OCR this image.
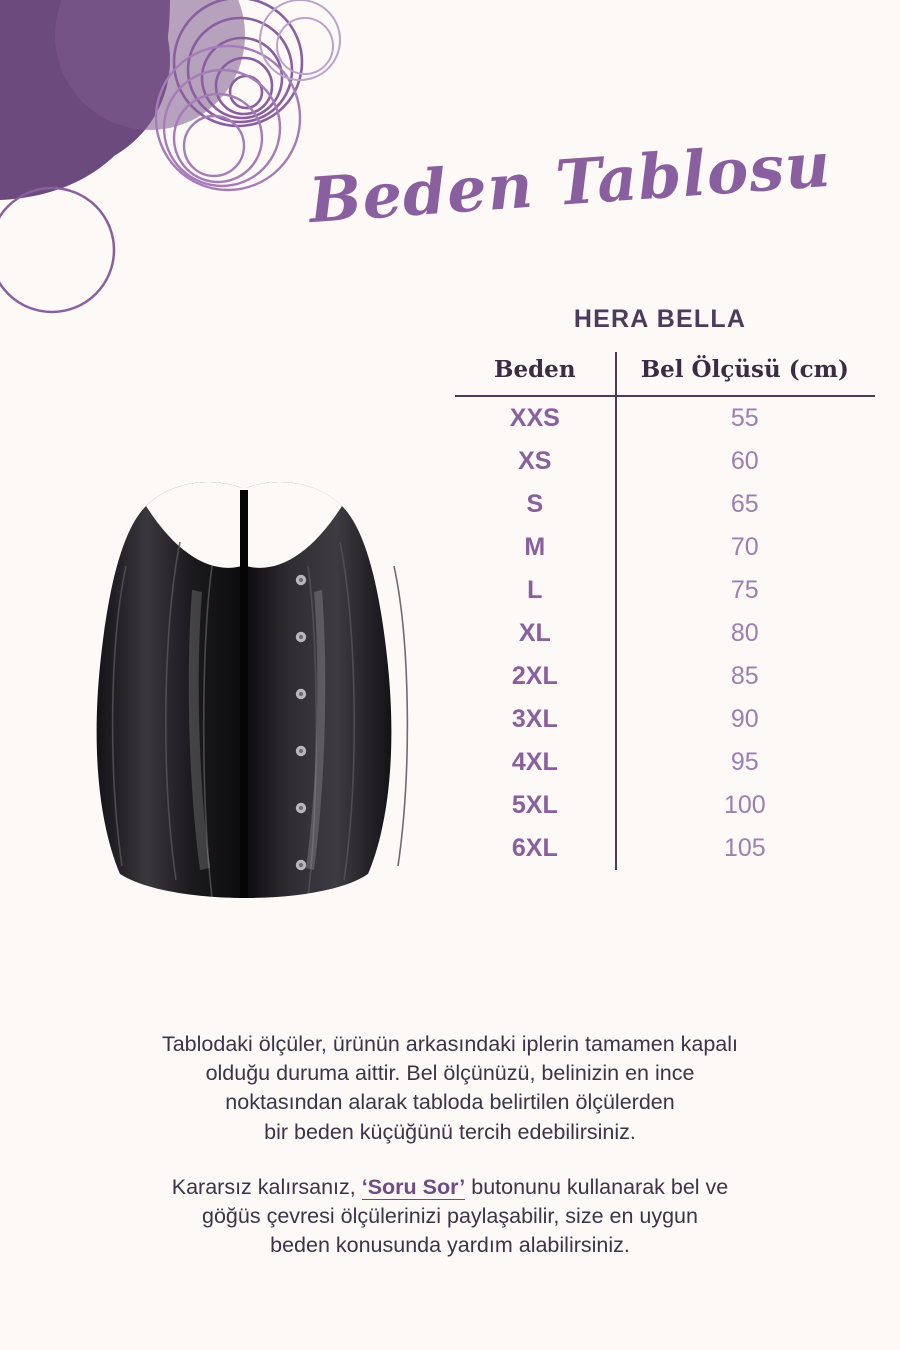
Beden Tablosu
HERA BELLA
Beden	Bel Ölçüsü (cm)
XXS	55
XS	60
S	65
M	70
L	75
XL	80
2XL	85
3XL	90
4XL	95
5XL	100
6XL	105

Tablodaki ölçüler, ürünün arkasındaki iplerin tamamen kapalı

olduğu duruma aittir. Bel ölçünüzü, belinizin en ince

noktasından alarak tabloda belirtilen ölçülerden

bir beden küçüğünü tercih edebilirsiniz.

Kararsız kalırsanız, ‘Soru Sor’ butonunu kullanarak bel ve

göğüs çevresi ölçülerinizi paylaşabilir, size en uygun

beden konusunda yardım alabilirsiniz.
